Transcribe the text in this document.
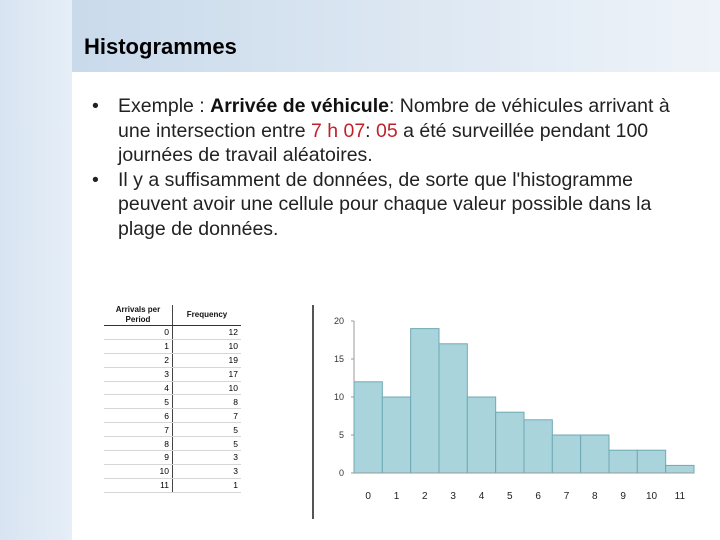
Histogrammes

• Exemple : Arrivée de véhicule: Nombre de véhicules arrivant à une intersection entre 7 h 07: 05 a été surveillée pendant 100 journées de travail aléatoires.

• Il y a suffisamment de données, de sorte que l'histogramme peuvent avoir une cellule pour chaque valeur possible dans la plage de données.

Arrivals per Period	Frequency
0	12
1	10
2	19
3	17
4	10
5	8
6	7
7	5
8	5
9	3
10	3
11	1
0
5
10
15
20
0 1 2 3 4 5 6 7 8 9 10 11
